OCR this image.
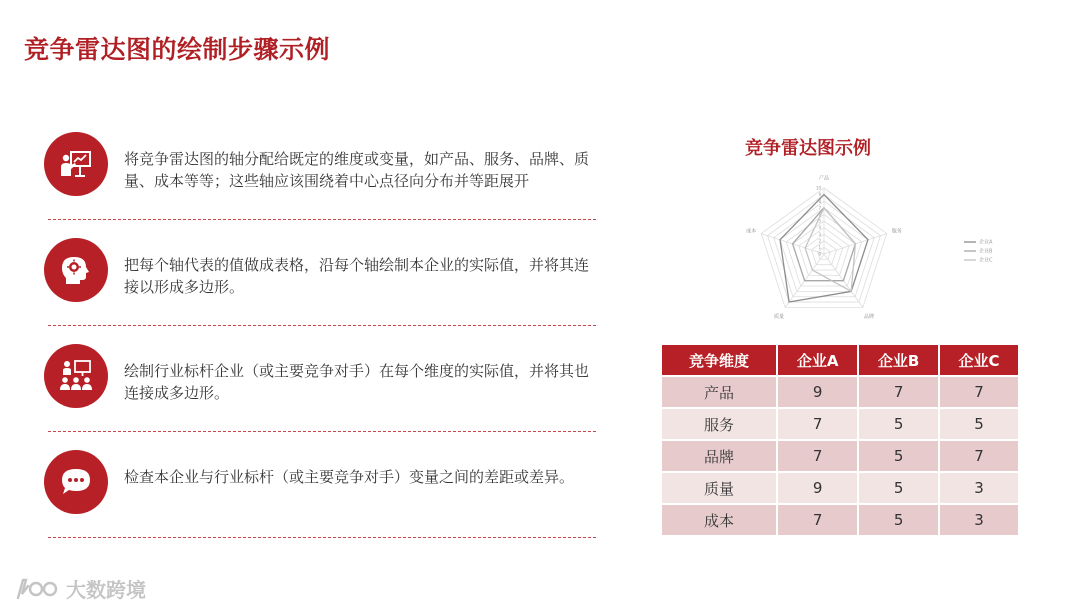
竞争雷达图的绘制步骤示例
将竞争雷达图的轴分配给既定的维度或变量，如产品、服务、品牌、质量、成本等等；这些轴应该围绕着中心点径向分布并等距展开
把每个轴代表的值做成表格，沿每个轴绘制本企业的实际值，并将其连接以形成多边形。
绘制行业标杆企业（或主要竞争对手）在每个维度的实际值，并将其也连接成多边形。
检查本企业与行业标杆（或主要竞争对手）变量之间的差距或差异。
竞争雷达图示例
产品
服务
品牌
质量
成本
10
9
8
7
6
5
4
3
2
1
0
企业A
企业B
企业C
竞争维度	企业A	企业B	企业C
产品	9	7	7
服务	7	5	5
品牌	7	5	7
质量	9	5	3
成本	7	5	3
大数跨境
